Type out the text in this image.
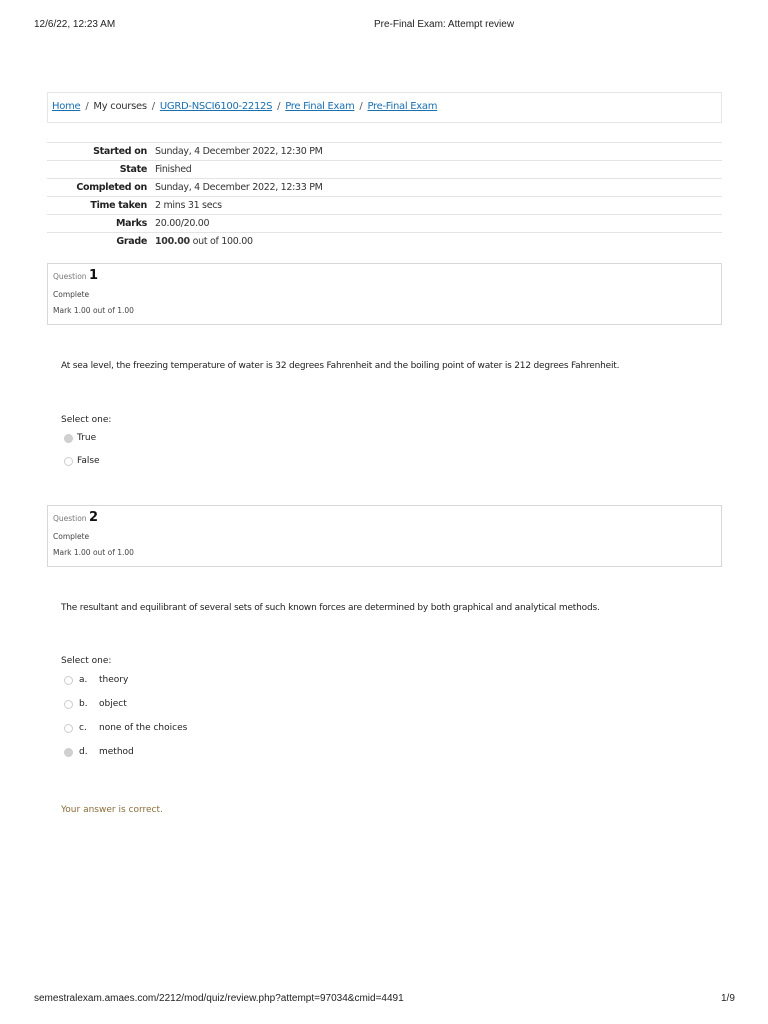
12/6/22, 12:23 AM	Pre-Final Exam: Attempt review
Home / My courses / UGRD-NSCI6100-2212S / Pre Final Exam / Pre-Final Exam
Started on	Sunday, 4 December 2022, 12:30 PM
State	Finished
Completed on	Sunday, 4 December 2022, 12:33 PM
Time taken	2 mins 31 secs
Marks	20.00/20.00
Grade	100.00 out of 100.00
Question 1
Complete
Mark 1.00 out of 1.00
At sea level, the freezing temperature of water is 32 degrees Fahrenheit and the boiling point of water is 212 degrees Fahrenheit.
Select one:
True
False
Question 2
Complete
Mark 1.00 out of 1.00
The resultant and equilibrant of several sets of such known forces are determined by both graphical and analytical methods.
Select one:
a.	theory
b.	object
c.	none of the choices
d.	method
Your answer is correct.
semestralexam.amaes.com/2212/mod/quiz/review.php?attempt=97034&cmid=4491	1/9
